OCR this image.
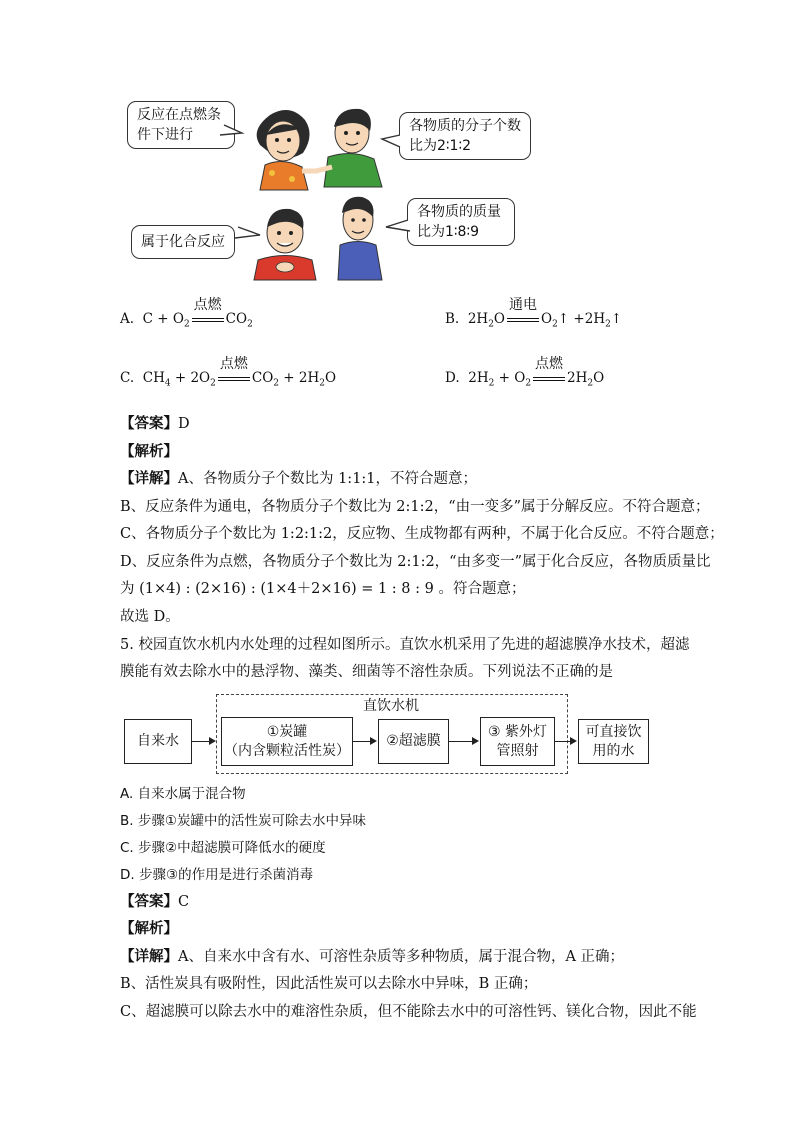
反应在点燃条件下进行
各物质的分子个数比为2∶1∶2
属于化合反应
各物质的质量比为1∶8∶9
A. $C + O_2$
点燃
$CO_2$	B. $2H_2O$
通电
$O_2↑$ $+2H_2↑$
C. $CH_4 + 2O_2$
点燃
$CO_2 + 2H_2O$	D. $2H_2 + O_2$
点燃
$2H_2O$
【答案】D
【解析】
【详解】A、各物质分子个数比为 1:1:1，不符合题意；
B、反应条件为通电，各物质分子个数比为 2:1:2，“由一变多”属于分解反应。不符合题意；
C、各物质分子个数比为 1:2:1:2，反应物、生成物都有两种，不属于化合反应。不符合题意；
D、反应条件为点燃，各物质分子个数比为 2:1:2，“由多变一”属于化合反应，各物质质量比
为 (1×4) : (2×16) : (1×4＋2×16) = 1 : 8 : 9 。符合题意；
故选 D。
5. 校园直饮水机内水处理的过程如图所示。直饮水机采用了先进的超滤膜净水技术，超滤
膜能有效去除水中的悬浮物、藻类、细菌等不溶性杂质。下列说法不正确的是
直饮水机
自来水
①炭罐
（内含颗粒活性炭）
②超滤膜
③ 紫外灯
管照射
可直接饮
用的水
A. 自来水属于混合物
B. 步骤①炭罐中的活性炭可除去水中异味
C. 步骤②中超滤膜可降低水的硬度
D. 步骤③的作用是进行杀菌消毒
【答案】C
【解析】
【详解】A、自来水中含有水、可溶性杂质等多种物质，属于混合物，A 正确；
B、活性炭具有吸附性，因此活性炭可以去除水中异味，B 正确；
C、超滤膜可以除去水中的难溶性杂质，但不能除去水中的可溶性钙、镁化合物，因此不能
